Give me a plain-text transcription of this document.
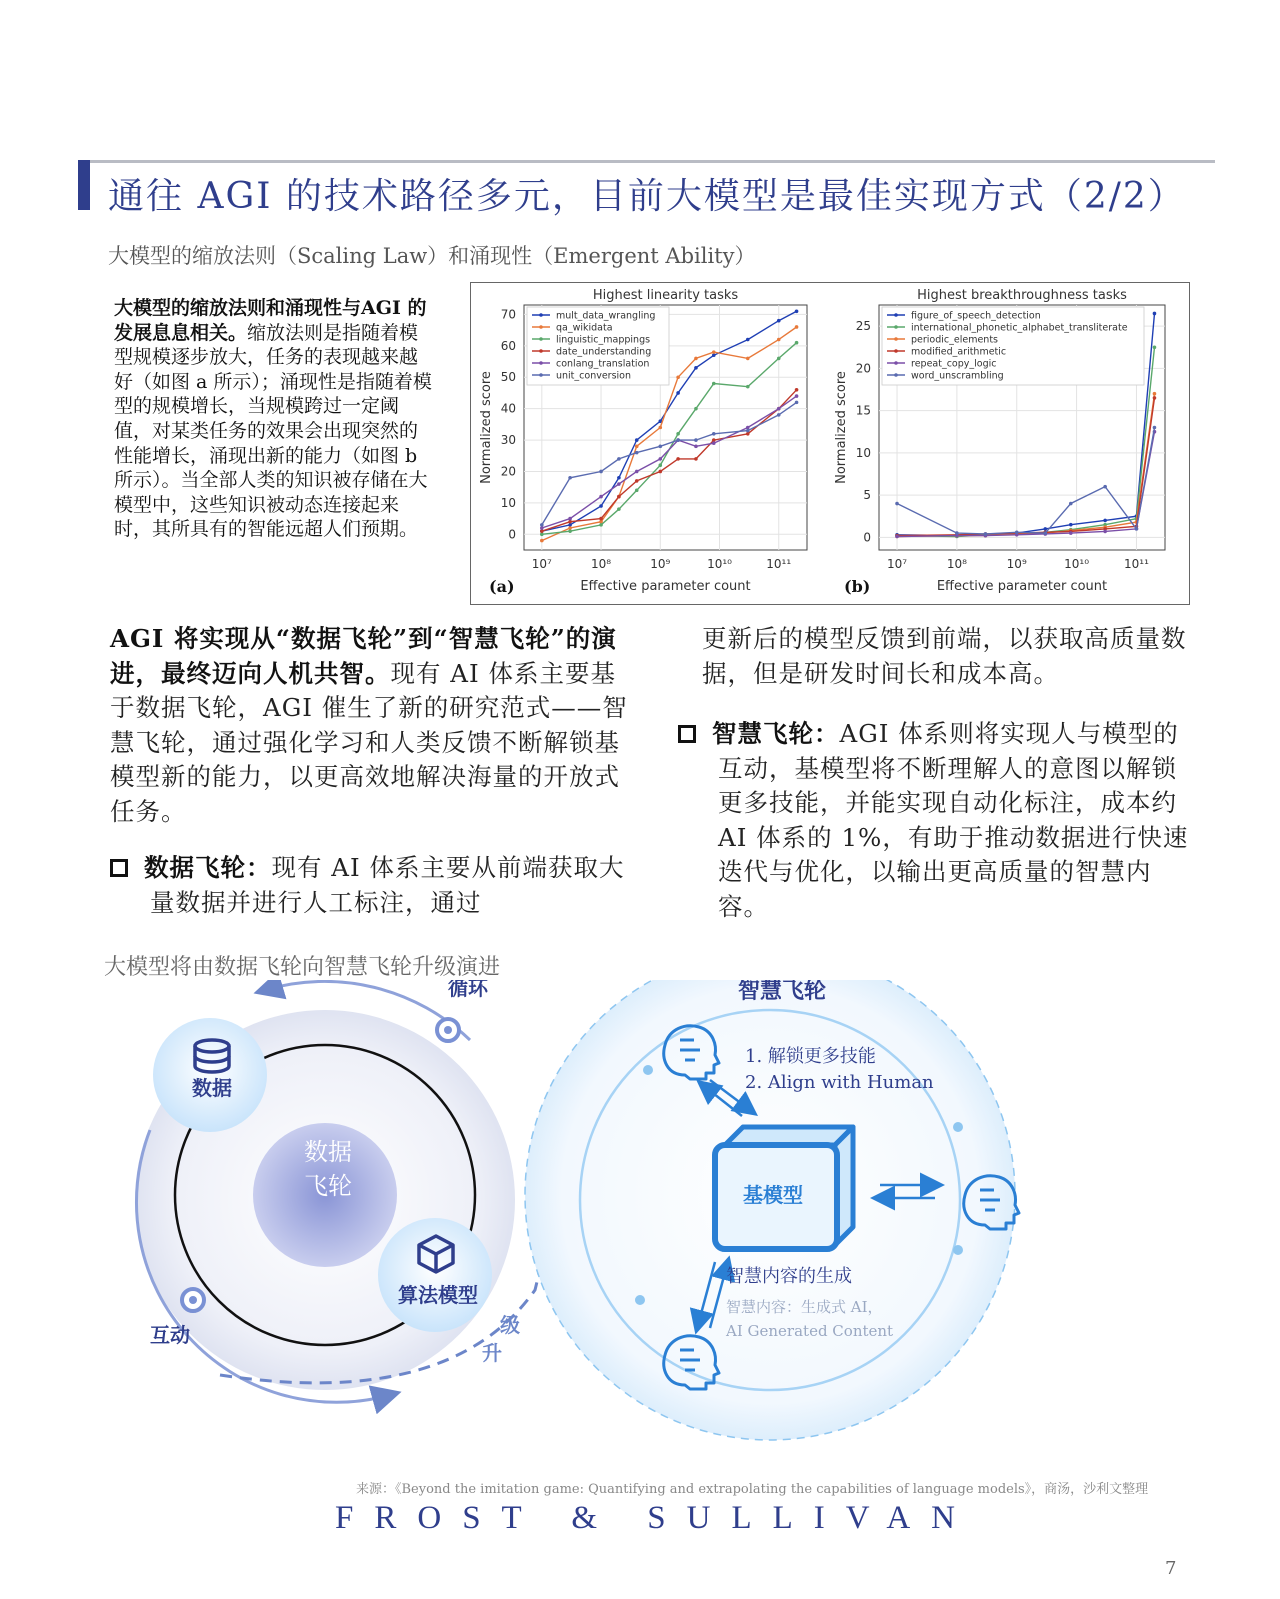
通往 AGI 的技术路径多元，目前大模型是最佳实现方式（2/2）
大模型的缩放法则（Scaling Law）和涌现性（Emergent Ability）
大模型的缩放法则和涌现性与AGI 的发展息息相关。缩放法则是指随着模型规模逐步放大，任务的表现越来越好（如图 a 所示）；涌现性是指随着模型的规模增长，当规模跨过一定阈值，对某类任务的效果会出现突然的性能增长，涌现出新的能力（如图 b 所示）。当全部人类的知识被存储在大模型中，这些知识被动态连接起来时，其所具有的智能远超人们预期。	0
10
20
30
40
50
60
70
10⁷	10⁸	10⁹	10¹⁰	10¹¹
Highest linearity tasks
Effective parameter count
Normalized score
(a)
mult_data_wrangling
qa_wikidata
linguistic_mappings
date_understanding
conlang_translation
unit_conversion
0
5
10
15
20
25
10⁷	10⁸	10⁹	10¹⁰	10¹¹
Highest breakthroughness tasks
Effective parameter count
Normalized score
(b)
figure_of_speech_detection
international_phonetic_alphabet_transliterate
periodic_elements
modified_arithmetic
repeat_copy_logic
word_unscrambling
AGI 将实现从“数据飞轮”到“智慧飞轮”的演进，最终迈向人机共智。现有 AI 体系主要基于数据飞轮，AGI 催生了新的研究范式——智慧飞轮，通过强化学习和人类反馈不断解锁基模型新的能力，以更高效地解决海量的开放式任务。
数据飞轮：现有 AI 体系主要从前端获取大量数据并进行人工标注，通过
更新后的模型反馈到前端，以获取高质量数据，但是研发时间长和成本高。
智慧飞轮：AGI 体系则将实现人与模型的互动，基模型将不断理解人的意图以解锁更多技能，并能实现自动化标注，成本约 AI 体系的 1%，有助于推动数据进行快速迭代与优化，以输出更高质量的智慧内容。
大模型将由数据飞轮向智慧飞轮升级演进
数据
飞轮
数据
算法模型
循环
互动	级
升
智慧飞轮
1. 解锁更多技能
2. Align with Human
基模型
智慧内容的生成
智慧内容：生成式 AI，
AI Generated Content
来源：《Beyond the imitation game: Quantifying and extrapolating the capabilities of language models》，商汤，沙利文整理
FROST & SULLIVAN
7
